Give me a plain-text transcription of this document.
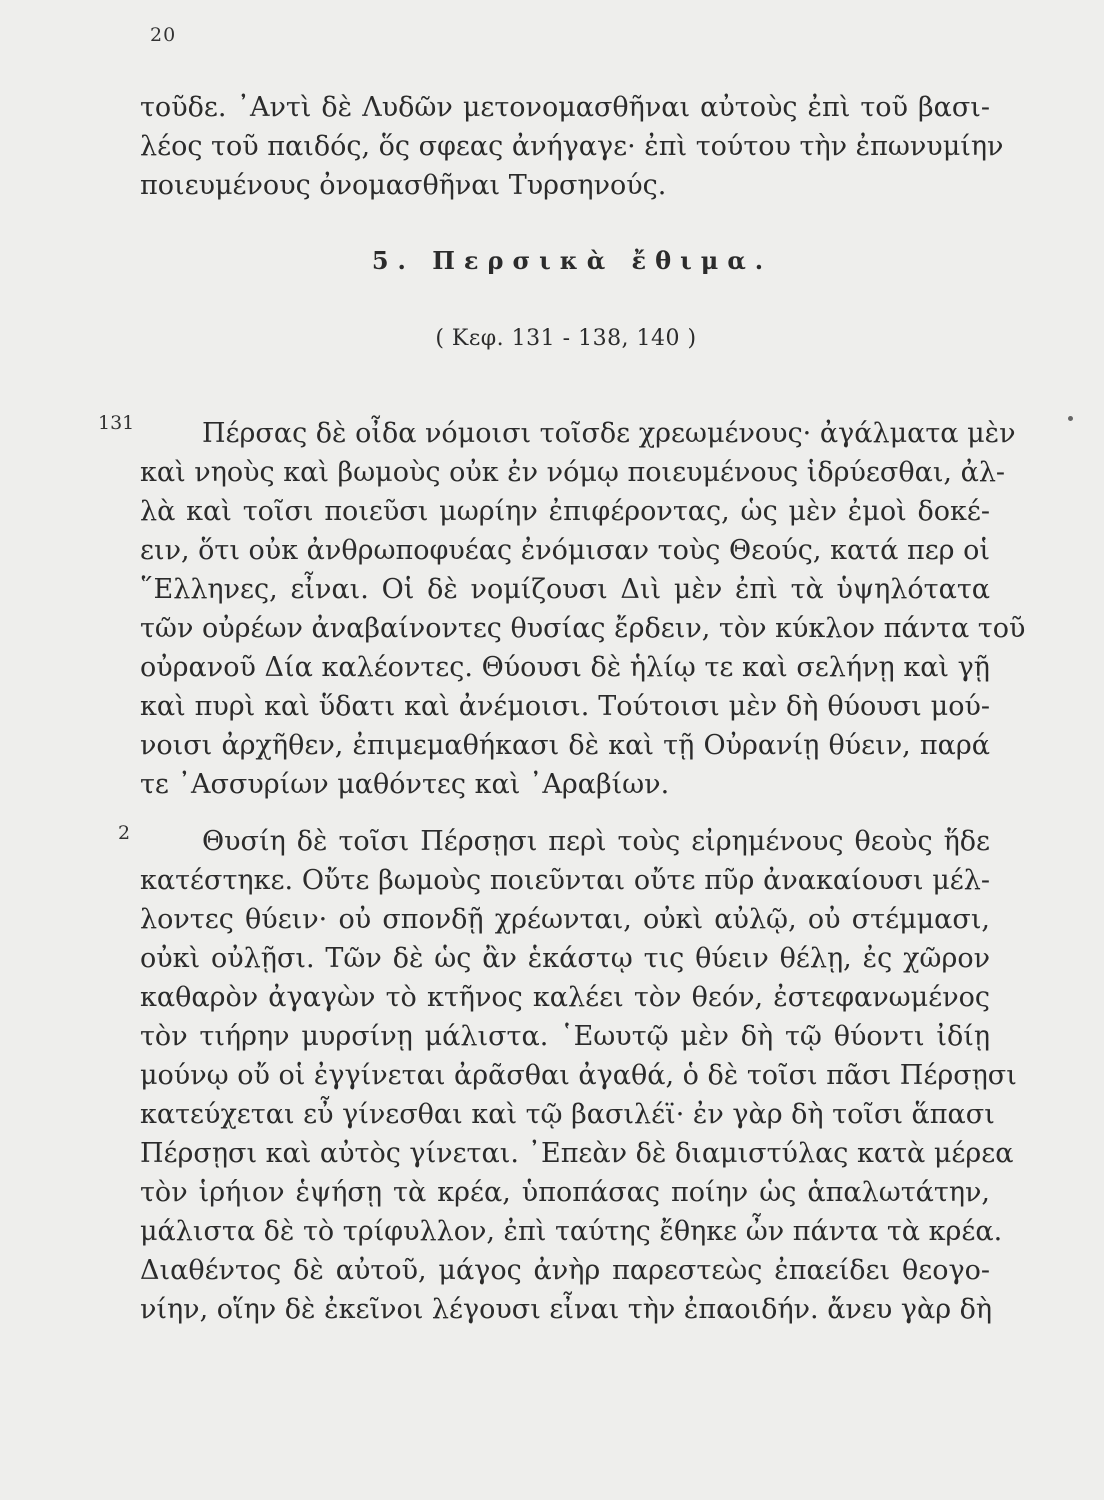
20
τοῦδε. ᾿Αντὶ δὲ Λυδῶν μετονομασθῆναι αὐτοὺς ἐπὶ τοῦ βασι-
λέος τοῦ παιδός, ὅς σφεας ἀνήγαγε· ἐπὶ τούτου τὴν ἐπωνυμίην
ποιευμένους ὀνομασθῆναι Τυρσηνούς.
5. Περσικὰ ἔθιμα.
( Κεφ. 131 - 138, 140 )
131	Πέρσας δὲ οἶδα νόμοισι τοῖσδε χρεωμένους· ἀγάλματα μὲν
καὶ νηοὺς καὶ βωμοὺς οὐκ ἐν νόμῳ ποιευμένους ἱδρύεσθαι, ἀλ-
λὰ καὶ τοῖσι ποιεῦσι μωρίην ἐπιφέροντας, ὡς μὲν ἐμοὶ δοκέ-
ειν, ὅτι οὐκ ἀνθρωποφυέας ἐνόμισαν τοὺς Θεούς, κατά περ οἱ
῞Ελληνες, εἶναι. Οἱ δὲ νομίζουσι Διὶ μὲν ἐπὶ τὰ ὑψηλότατα
τῶν οὐρέων ἀναβαίνοντες θυσίας ἔρδειν, τὸν κύκλον πάντα τοῦ
οὐρανοῦ Δία καλέοντες. Θύουσι δὲ ἡλίῳ τε καὶ σελήνῃ καὶ γῇ
καὶ πυρὶ καὶ ὕδατι καὶ ἀνέμοισι. Τούτοισι μὲν δὴ θύουσι μού-
νοισι ἀρχῆθεν, ἐπιμεμαθήκασι δὲ καὶ τῇ Οὐρανίῃ θύειν, παρά
τε ᾿Ασσυρίων μαθόντες καὶ ᾿Αραβίων.
2	Θυσίη δὲ τοῖσι Πέρσῃσι περὶ τοὺς εἰρημένους θεοὺς ἥδε
κατέστηκε. Οὔτε βωμοὺς ποιεῦνται οὔτε πῦρ ἀνακαίουσι μέλ-
λοντες θύειν· οὐ σπονδῇ χρέωνται, οὐκὶ αὐλῷ, οὐ στέμμασι,
οὐκὶ οὐλῇσι. Τῶν δὲ ὡς ἂν ἑκάστῳ τις θύειν θέλῃ, ἐς χῶρον
καθαρὸν ἀγαγὼν τὸ κτῆνος καλέει τὸν θεόν, ἐστεφανωμένος
τὸν τιήρην μυρσίνῃ μάλιστα. ῾Εωυτῷ μὲν δὴ τῷ θύοντι ἰδίῃ
μούνῳ οὔ οἱ ἐγγίνεται ἀρᾶσθαι ἀγαθά, ὁ δὲ τοῖσι πᾶσι Πέρσῃσι
κατεύχεται εὖ γίνεσθαι καὶ τῷ βασιλέϊ· ἐν γὰρ δὴ τοῖσι ἅπασι
Πέρσῃσι καὶ αὐτὸς γίνεται. ᾿Επεὰν δὲ διαμιστύλας κατὰ μέρεα
τὸν ἱρήιον ἑψήσῃ τὰ κρέα, ὑποπάσας ποίην ὡς ἁπαλωτάτην,
μάλιστα δὲ τὸ τρίφυλλον, ἐπὶ ταύτης ἔθηκε ὦν πάντα τὰ κρέα.
Διαθέντος δὲ αὐτοῦ, μάγος ἀνὴρ παρεστεὼς ἐπαείδει θεογο-
νίην, οἵην δὲ ἐκεῖνοι λέγουσι εἶναι τὴν ἐπαοιδήν. ἄνευ γὰρ δὴ
